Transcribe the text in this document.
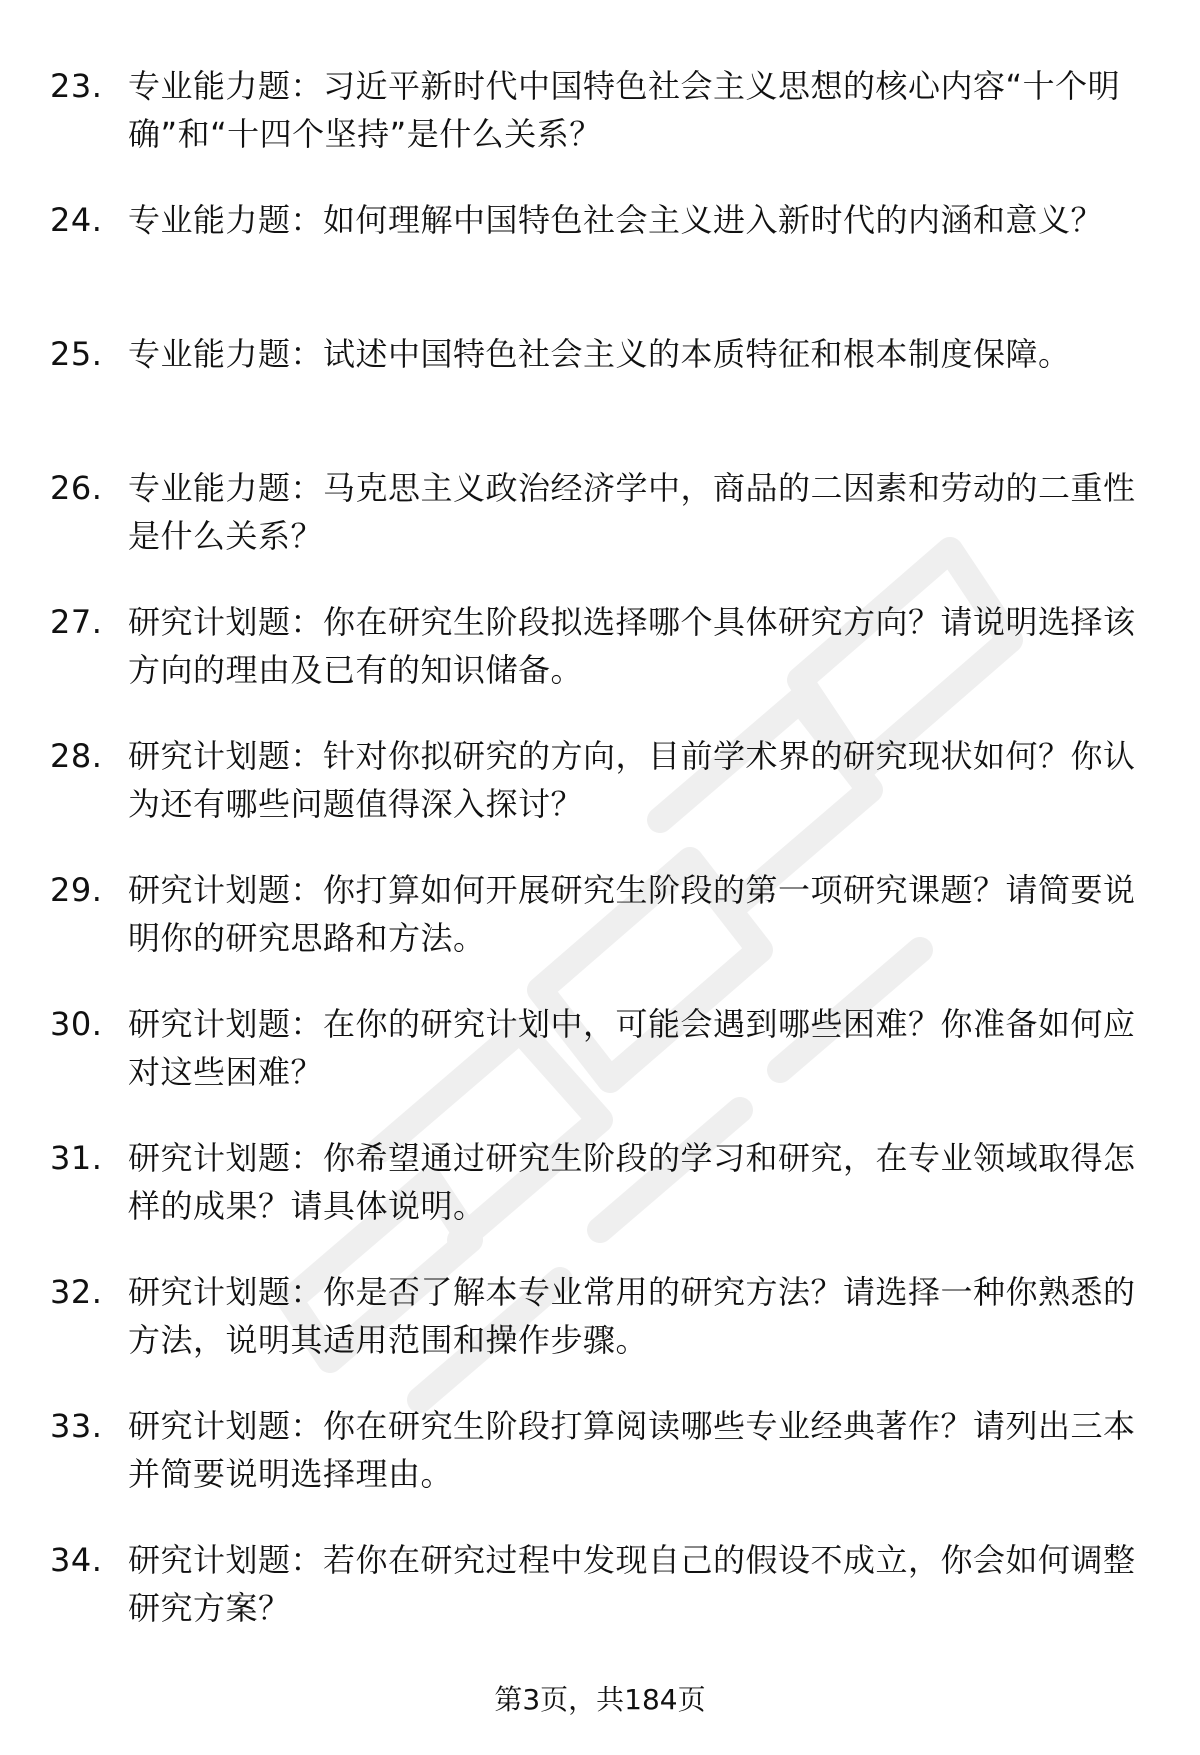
23. 专业能力题：习近平新时代中国特色社会主义思想的核心内容“十个明确”和“十四个坚持”是什么关系？
24. 专业能力题：如何理解中国特色社会主义进入新时代的内涵和意义？
25. 专业能力题：试述中国特色社会主义的本质特征和根本制度保障。
26. 专业能力题：马克思主义政治经济学中，商品的二因素和劳动的二重性是什么关系？
27. 研究计划题：你在研究生阶段拟选择哪个具体研究方向？请说明选择该方向的理由及已有的知识储备。
28. 研究计划题：针对你拟研究的方向，目前学术界的研究现状如何？你认为还有哪些问题值得深入探讨？
29. 研究计划题：你打算如何开展研究生阶段的第一项研究课题？请简要说明你的研究思路和方法。
30. 研究计划题：在你的研究计划中，可能会遇到哪些困难？你准备如何应对这些困难？
31. 研究计划题：你希望通过研究生阶段的学习和研究，在专业领域取得怎样的成果？请具体说明。
32. 研究计划题：你是否了解本专业常用的研究方法？请选择一种你熟悉的方法，说明其适用范围和操作步骤。
33. 研究计划题：你在研究生阶段打算阅读哪些专业经典著作？请列出三本并简要说明选择理由。
34. 研究计划题：若你在研究过程中发现自己的假设不成立，你会如何调整研究方案？
第3页，共184页
